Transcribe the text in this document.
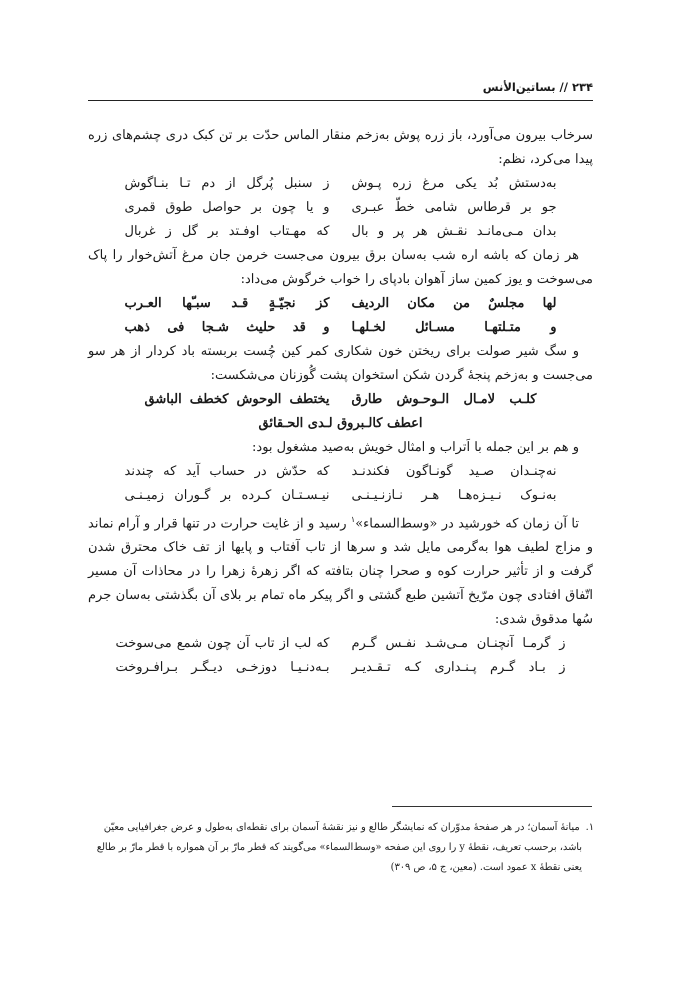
۲۳۴ // بساتین‌الأنس

سرخاب بیرون می‌آورد، باز زره پوش به‌زخم منقار الماس حدّت بر تن کبک دری چشم‌های زره پیدا می‌کرد، نظم:

به‌دستش بُد یکی مرغ زره پـوش
ز سنبل پُرگل از دم تـا بنـاگوش
جو بر قرطاس شامی خطّ عبـری
و یا چون بر حواصل طوق قمری
بدان مـی‌مانـد نقـش هر پر و بال
که مهـتاب اوفـتد بر گل ز غربال

هر زمان که باشه اره شب به‌سان برق بیرون می‌جست خرمن جان مرغ آتش‌خوار را پاک می‌سوخت و یوز کمین ساز آهوان بادپای را خواب خرگوش می‌داد:

لها مجلسٌ من مکان الردیف
کز نجیّـةٍ قـد سبـّها العـرب
و متـلتهـا مسـائل لخـلهـا
و قد حلیث شـجا فی ذهب

و سگ شیر صولت برای ریختن خون شکاری کمر کین چُست بربسته باد کردار از هر سو می‌جست و به‌زخم پنجهٔ گردن شکن استخوان پشت گُوزنان می‌شکست:

کلـب لامـال الـوحـوش طارق
یختطف الوحوش کخطف الباشق
اعطف کالـبروق لـدی الحـقائق

و هم بر این جمله با اَتراب و امثال خویش به‌صید مشغول بود:

نه‌چنـدان صـید گونـاگون فکندنـد
که حدّش در حساب آید که چندند
به‌نـوک نـیـزه‌هـا هـر نـازنـیـنـی
نیـسـتـان کـرده بر گـوران زمیـنـی

تا آن زمان که خورشید در «وسط‌السماء»$^۱$ رسید و از غایت حرارت در تنها قرار و آرام نماند و مزاج لطیف هوا به‌گرمی مایل شد و سرها از تاب آفتاب و پایها از تف خاک محترق شدن گرفت و از تأثیر حرارت کوه و صحرا چنان بتافته که اگر زهرهٔ زهرا را در محاذات آن مسیر اتّفاق افتادی چون مرّیخ آتشین طبع گشتی و اگر پیکر ماه تمام بر بلای آن بگذشتی به‌سان جرم سُها مدقوق شدی:

ز گرمـا آنچنـان مـی‌شـد نفـس گـرم
که لب از تاب آن چون شمع می‌سوخت
ز بـاد گـرم پـنـداری کـه تـقـدیـر
بـه‌دنـیـا دوزخـی دیـگـر بـرافـروخت
۱.میانهٔ آسمان؛ در هر صفحهٔ مدوّران که نمایشگر طالع و نیز نقشهٔ آسمان برای نقطه‌ای به‌طول و عرض جغرافیایی معیّن
باشد، برحسب تعریف، نقطهٔ y را روی این صفحه «وسط‌السماء» می‌گویند که قطر مارّ بر آن همواره با قطر مارّ بر طالع
یعنی نقطهٔ x عمود است. (معین، ج ۵، ص ۳۰۹)
